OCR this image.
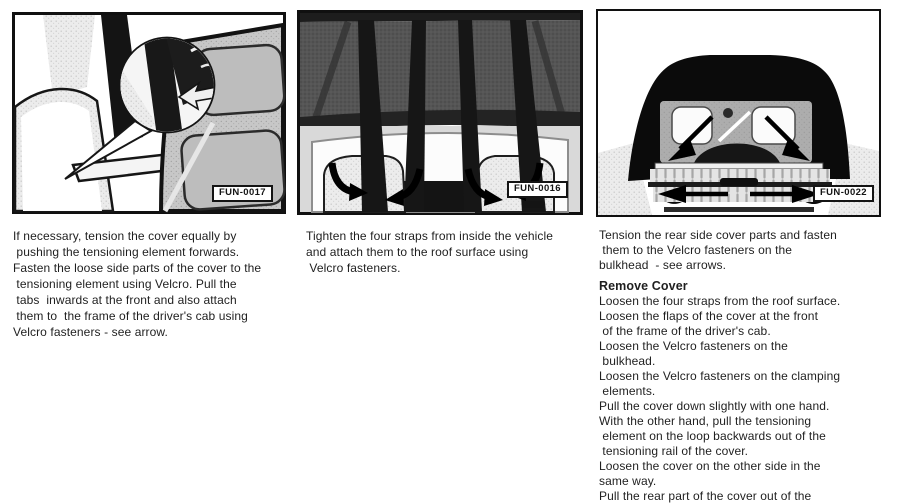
FUN-0017	FUN-0016	FUN-0022
If necessary, tension the cover equally by
pushing the tensioning element forwards.
Fasten the loose side parts of the cover to the
tensioning element using Velcro. Pull the
tabs  inwards at the front and also attach
them to  the frame of the driver's cab using
Velcro fasteners - see arrow.
Tighten the four straps from inside the vehicle
and attach them to the roof surface using
Velcro fasteners.
Tension the rear side cover parts and fasten
them to the Velcro fasteners on the
bulkhead  - see arrows.
Remove Cover
Loosen the four straps from the roof surface.
Loosen the flaps of the cover at the front
of the frame of the driver's cab.
Loosen the Velcro fasteners on the
bulkhead.
Loosen the Velcro fasteners on the clamping
elements.
Pull the cover down slightly with one hand.
With the other hand, pull the tensioning
element on the loop backwards out of the
tensioning rail of the cover.
Loosen the cover on the other side in the
same way.
Pull the rear part of the cover out of the
